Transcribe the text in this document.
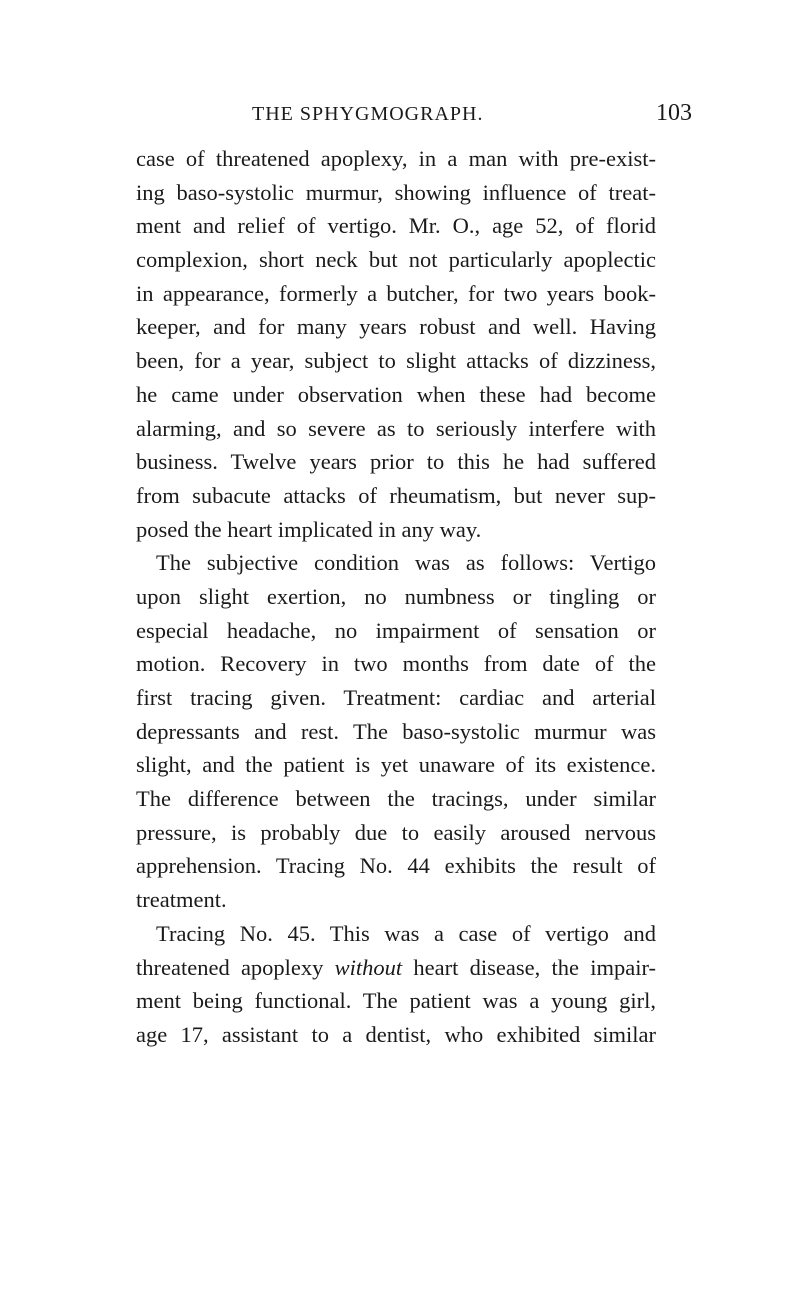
THE SPHYGMOGRAPH.	103
case of threatened apoplexy, in a man with pre-exist-
ing baso-systolic murmur, showing influence of treat-
ment and relief of vertigo. Mr. O., age 52, of florid
complexion, short neck but not particularly apoplectic
in appearance, formerly a butcher, for two years book-
keeper, and for many years robust and well. Having
been, for a year, subject to slight attacks of dizziness,
he came under observation when these had become
alarming, and so severe as to seriously interfere with
business. Twelve years prior to this he had suffered
from subacute attacks of rheumatism, but never sup-
posed the heart implicated in any way.
The subjective condition was as follows: Vertigo
upon slight exertion, no numbness or tingling or
especial headache, no impairment of sensation or
motion. Recovery in two months from date of the
first tracing given. Treatment: cardiac and arterial
depressants and rest. The baso-systolic murmur was
slight, and the patient is yet unaware of its existence.
The difference between the tracings, under similar
pressure, is probably due to easily aroused nervous
apprehension. Tracing No. 44 exhibits the result of
treatment.
Tracing No. 45. This was a case of vertigo and
threatened apoplexy without heart disease, the impair-
ment being functional. The patient was a young girl,
age 17, assistant to a dentist, who exhibited similar
